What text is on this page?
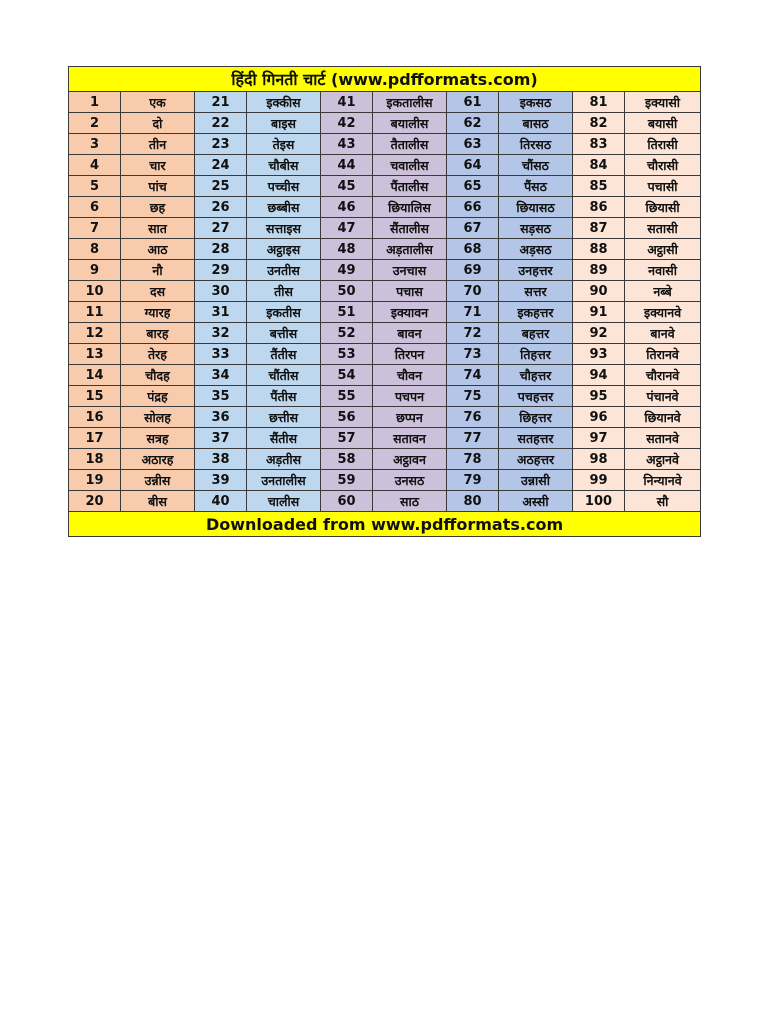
हिंदी गिनती चार्ट (www.pdfformats.com)									
1	एक	21	इक्कीस	41	इकतालीस	61	इकसठ	81	इक्यासी
2	दो	22	बाइस	42	बयालीस	62	बासठ	82	बयासी
3	तीन	23	तेइस	43	तैतालीस	63	तिरसठ	83	तिरासी
4	चार	24	चौबीस	44	चवालीस	64	चौंसठ	84	चौरासी
5	पांच	25	पच्चीस	45	पैंतालीस	65	पैंसठ	85	पचासी
6	छह	26	छब्बीस	46	छियालिस	66	छियासठ	86	छियासी
7	सात	27	सत्ताइस	47	सैंतालीस	67	सड़सठ	87	सतासी
8	आठ	28	अट्ठाइस	48	अड़तालीस	68	अड़सठ	88	अट्ठासी
9	नौ	29	उनतीस	49	उनचास	69	उनहत्तर	89	नवासी
10	दस	30	तीस	50	पचास	70	सत्तर	90	नब्बे
11	ग्यारह	31	इकतीस	51	इक्यावन	71	इकहत्तर	91	इक्यानवे
12	बारह	32	बत्तीस	52	बावन	72	बहत्तर	92	बानवे
13	तेरह	33	तैंतीस	53	तिरपन	73	तिहत्तर	93	तिरानवे
14	चौदह	34	चौंतीस	54	चौवन	74	चौहत्तर	94	चौरानवे
15	पंद्रह	35	पैंतीस	55	पचपन	75	पचहत्तर	95	पंचानवे
16	सोलह	36	छत्तीस	56	छप्पन	76	छिहत्तर	96	छियानवे
17	सत्रह	37	सैंतीस	57	सतावन	77	सतहत्तर	97	सतानवे
18	अठारह	38	अड़तीस	58	अट्ठावन	78	अठहत्तर	98	अट्ठानवे
19	उन्नीस	39	उनतालीस	59	उनसठ	79	उन्नासी	99	निन्यानवे
20	बीस	40	चालीस	60	साठ	80	अस्सी	100	सौ
Downloaded from www.pdfformats.com									
